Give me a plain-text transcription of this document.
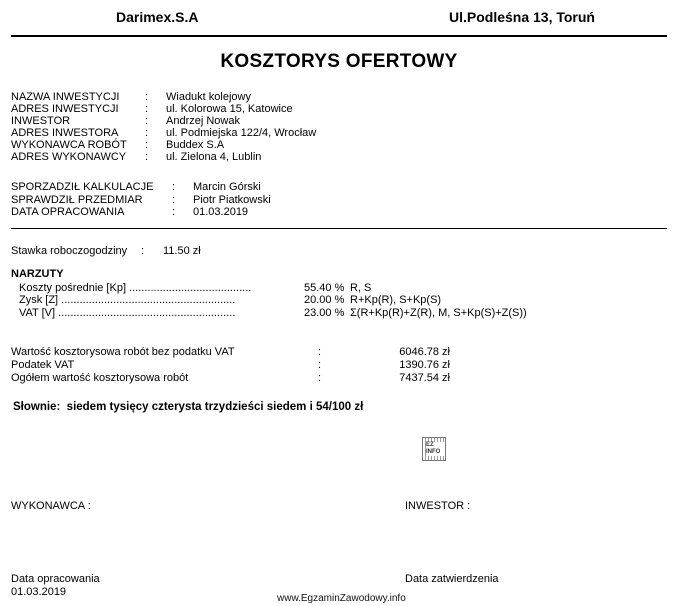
Darimex.S.A	Ul.Podleśna 13, Toruń
KOSZTORYS OFERTOWY
NAZWA INWESTYCJI : Wiadukt kolejowy
ADRES INWESTYCJI : ul. Kolorowa 15, Katowice
INWESTOR	: Andrzej Nowak
ADRES INWESTORA : ul. Podmiejska 122/4, Wrocław
WYKONAWCA ROBÓT : Buddex S.A
ADRES WYKONAWCY : ul. Zielona 4, Lublin
SPORZADZIŁ KALKULACJE : Marcin Górski
SPRAWDZIŁ PRZEDMIAR	: Piotr Piatkowski
DATA OPRACOWANIA	: 01.03.2019
Stawka roboczogodziny : 11.50 zł
NARZUTY
Koszty pośrednie [Kp] ........................................	55.40 % R, S
Zysk [Z] .........................................................	20.00 % R+Kp(R), S+Kp(S)
VAT [V] ..........................................................	23.00 % Σ(R+Kp(R)+Z(R), M, S+Kp(S)+Z(S))
Wartość kosztorysowa robót bez podatku VAT	:	6046.78 zł
Podatek VAT	:	1390.76 zł
Ogółem wartość kosztorysowa robót	:	7437.54 zł
Słownie: siedem tysięcy czterysta trzydzieści siedem i 54/100 zł
EZ INFO
WYKONAWCA :	INWESTOR :
Data opracowania
01.03.2019
Data zatwierdzenia
www.EgzaminZawodowy.info
